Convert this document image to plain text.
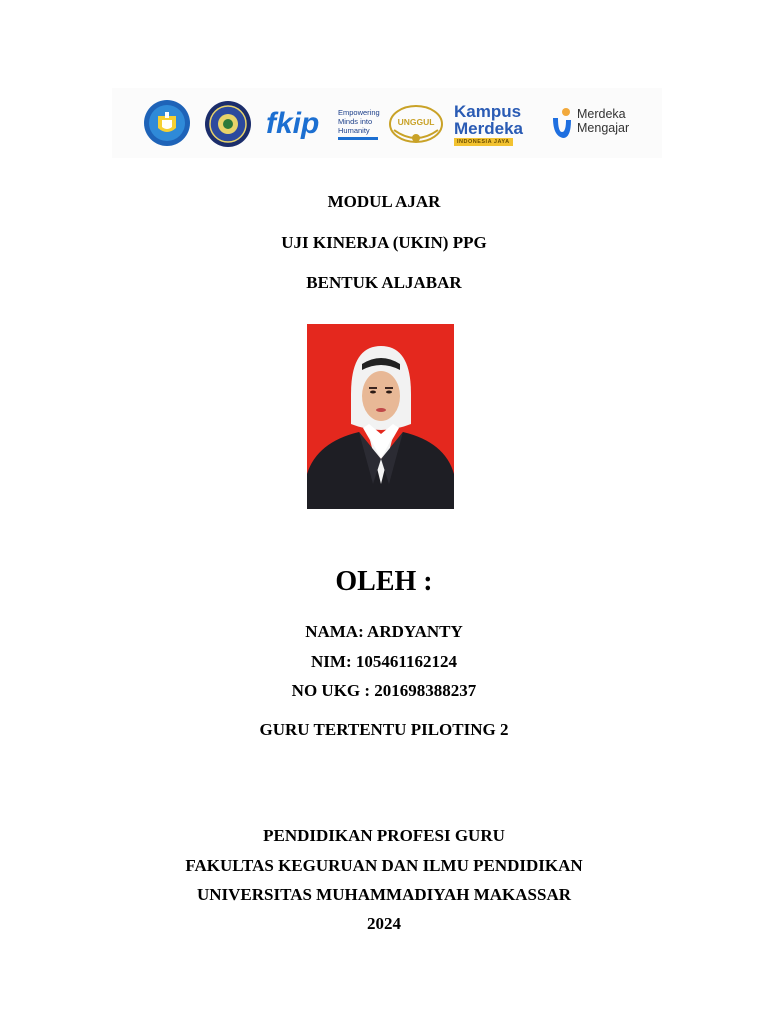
fkip Empowering Minds into Humanity
UNGGUL
Kampus
Merdeka
INDONESIA JAYA
Merdeka
Mengajar
MODUL AJAR
UJI KINERJA (UKIN) PPG
BENTUK ALJABAR
OLEH :
NAMA: ARDYANTY
NIM: 105461162124
NO UKG : 201698388237
GURU TERTENTU PILOTING 2
PENDIDIKAN PROFESI GURU
FAKULTAS KEGURUAN DAN ILMU PENDIDIKAN
UNIVERSITAS MUHAMMADIYAH MAKASSAR
2024
